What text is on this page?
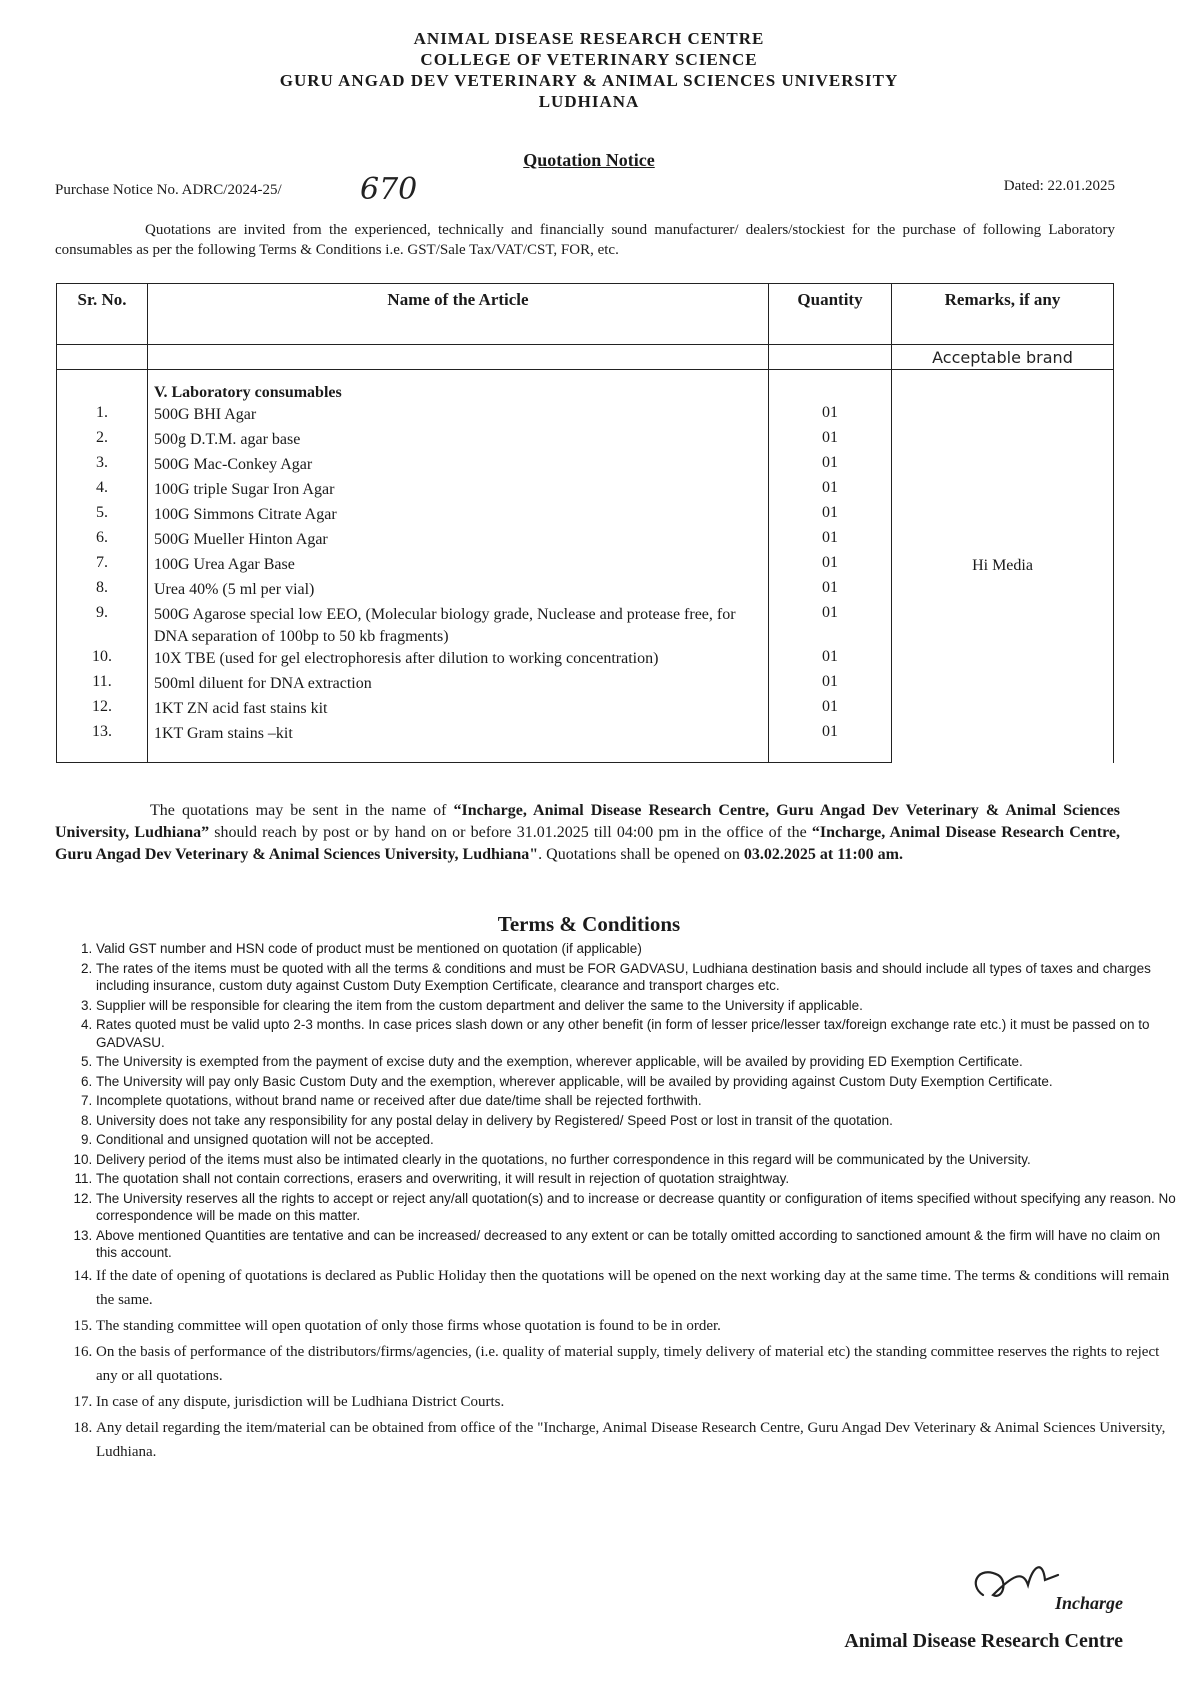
ANIMAL DISEASE RESEARCH CENTRE
COLLEGE OF VETERINARY SCIENCE
GURU ANGAD DEV VETERINARY & ANIMAL SCIENCES UNIVERSITY
LUDHIANA
Quotation Notice
Purchase Notice No. ADRC/2024-25/	670	Dated: 22.01.2025
Quotations are invited from the experienced, technically and financially sound manufacturer/ dealers/stockiest for the purchase of following Laboratory consumables as per the following Terms & Conditions i.e. GST/Sale Tax/VAT/CST, FOR, etc.
Sr. No.	Name of the Article	Quantity	Remarks, if any
			Acceptable brand
			Hi Media
	V. Laboratory consumables		
1.	500G BHI Agar	01	
2.	500g D.T.M. agar base	01	
3.	500G Mac-Conkey Agar	01	
4.	100G triple Sugar Iron Agar	01	
5.	100G Simmons Citrate Agar	01	
6.	500G Mueller Hinton Agar	01	
7.	100G Urea Agar Base	01	
8.	Urea 40% (5 ml per vial)	01	
9.	500G Agarose special low EEO, (Molecular biology grade, Nuclease and protease free, for DNA separation of 100bp to 50 kb fragments)	01	
10.	10X TBE (used for gel electrophoresis after dilution to working concentration)	01	
11.	500ml diluent for DNA extraction	01	
12.	1KT ZN acid fast stains kit	01	
13.	1KT Gram stains –kit	01	

The quotations may be sent in the name of “Incharge, Animal Disease Research Centre, Guru Angad Dev Veterinary & Animal Sciences University, Ludhiana” should reach by post or by hand on or before 31.01.2025 till 04:00 pm in the office of the “Incharge, Animal Disease Research Centre, Guru Angad Dev Veterinary & Animal Sciences University, Ludhiana". Quotations shall be opened on 03.02.2025 at 11:00 am.
Terms & Conditions
1. Valid GST number and HSN code of product must be mentioned on quotation (if applicable)
2. The rates of the items must be quoted with all the terms & conditions and must be FOR GADVASU, Ludhiana destination basis and should include all types of taxes and charges including insurance, custom duty against Custom Duty Exemption Certificate, clearance and transport charges etc.
3. Supplier will be responsible for clearing the item from the custom department and deliver the same to the University if applicable.
4. Rates quoted must be valid upto 2-3 months. In case prices slash down or any other benefit (in form of lesser price/lesser tax/foreign exchange rate etc.) it must be passed on to GADVASU.
5. The University is exempted from the payment of excise duty and the exemption, wherever applicable, will be availed by providing ED Exemption Certificate.
6. The University will pay only Basic Custom Duty and the exemption, wherever applicable, will be availed by providing against Custom Duty Exemption Certificate.
7. Incomplete quotations, without brand name or received after due date/time shall be rejected forthwith.
8. University does not take any responsibility for any postal delay in delivery by Registered/ Speed Post or lost in transit of the quotation.
9. Conditional and unsigned quotation will not be accepted.
10. Delivery period of the items must also be intimated clearly in the quotations, no further correspondence in this regard will be communicated by the University.
11. The quotation shall not contain corrections, erasers and overwriting, it will result in rejection of quotation straightway.
12. The University reserves all the rights to accept or reject any/all quotation(s) and to increase or decrease quantity or configuration of items specified without specifying any reason. No correspondence will be made on this matter.
13. Above mentioned Quantities are tentative and can be increased/ decreased to any extent or can be totally omitted according to sanctioned amount & the firm will have no claim on this account.
14. If the date of opening of quotations is declared as Public Holiday then the quotations will be opened on the next working day at the same time. The terms & conditions will remain the same.
15. The standing committee will open quotation of only those firms whose quotation is found to be in order.
16. On the basis of performance of the distributors/firms/agencies, (i.e. quality of material supply, timely delivery of material etc) the standing committee reserves the rights to reject any or all quotations.
17. In case of any dispute, jurisdiction will be Ludhiana District Courts.
18. Any detail regarding the item/material can be obtained from office of the "Incharge, Animal Disease Research Centre, Guru Angad Dev Veterinary & Animal Sciences University, Ludhiana.
Incharge
Animal Disease Research Centre
